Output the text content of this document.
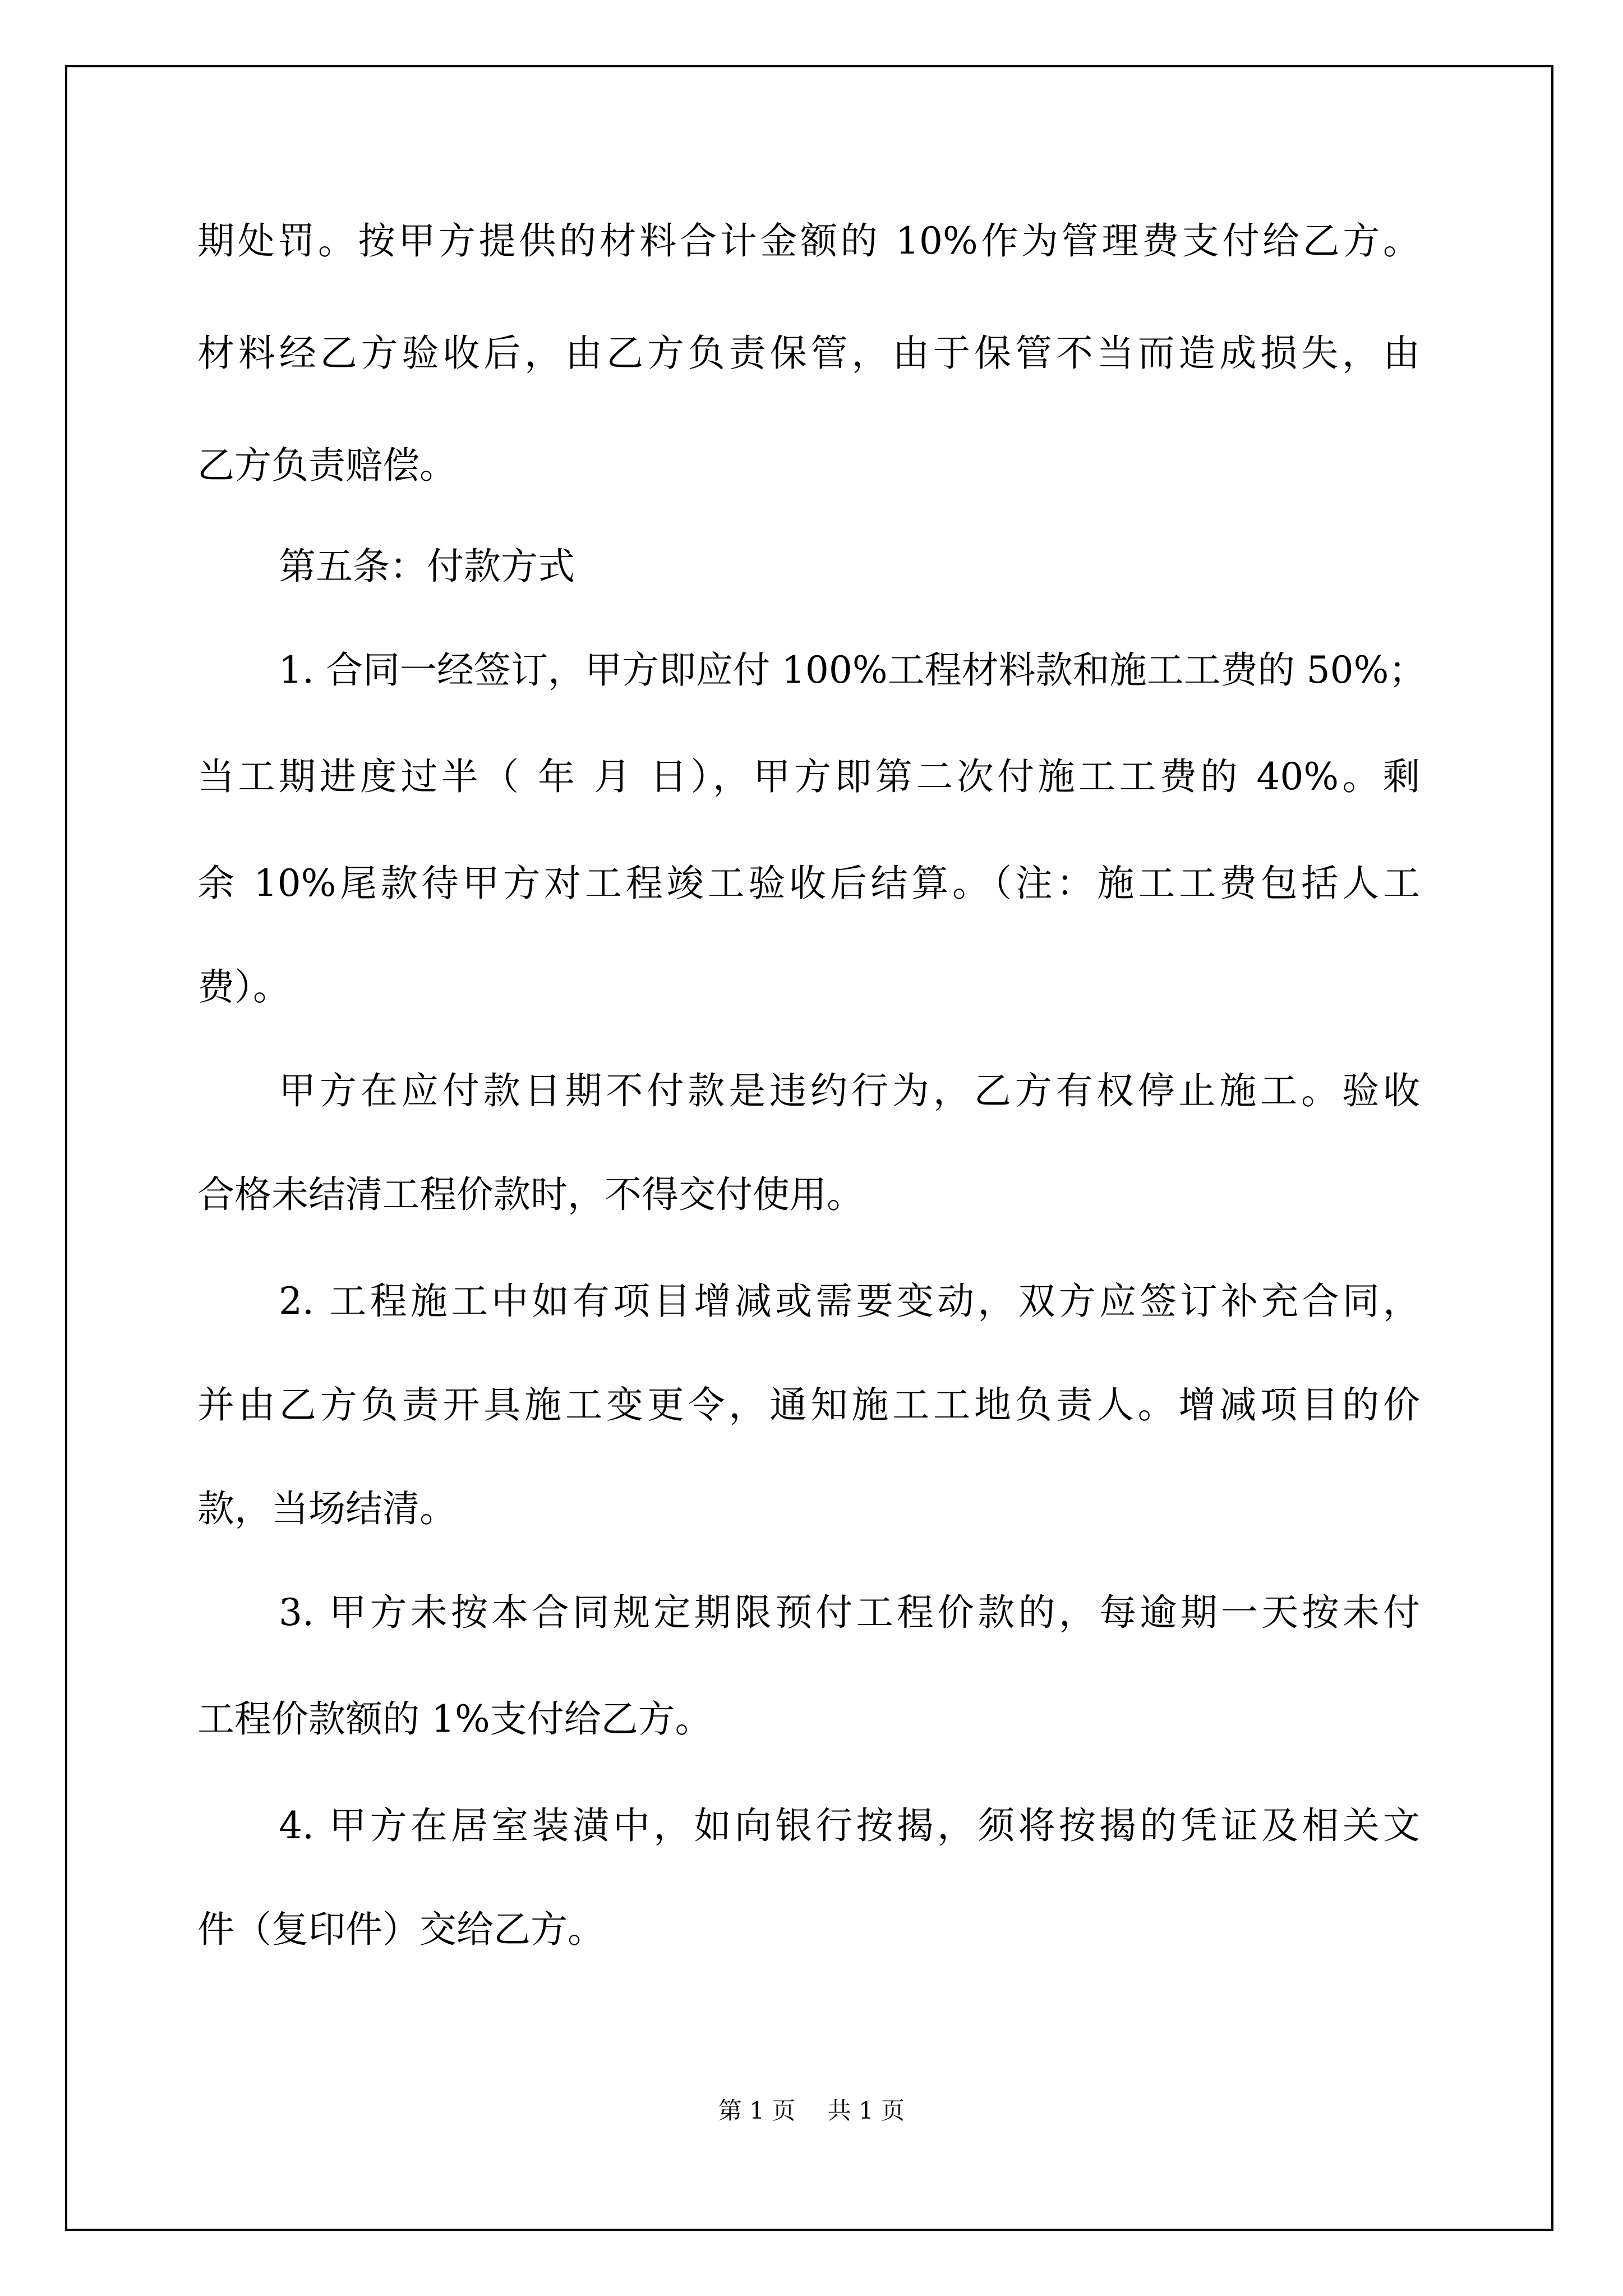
期处罚。按甲方提供的材料合计金额的 10%作为管理费支付给乙方。

材料经乙方验收后，由乙方负责保管，由于保管不当而造成损失，由

乙方负责赔偿。

第五条：付款方式

1. 合同一经签订，甲方即应付 100%工程材料款和施工工费的 50%；

当工期进度过半（ 年 月 日），甲方即第二次付施工工费的 40%。剩

余 10%尾款待甲方对工程竣工验收后结算。（注：施工工费包括人工

费）。

甲方在应付款日期不付款是违约行为，乙方有权停止施工。验收

合格未结清工程价款时，不得交付使用。

2. 工程施工中如有项目增减或需要变动，双方应签订补充合同，

并由乙方负责开具施工变更令，通知施工工地负责人。增减项目的价

款，当场结清。

3. 甲方未按本合同规定期限预付工程价款的，每逾期一天按未付

工程价款额的 1%支付给乙方。

4. 甲方在居室装潢中，如向银行按揭，须将按揭的凭证及相关文

件（复印件）交给乙方。

第 1 页 共 1 页
